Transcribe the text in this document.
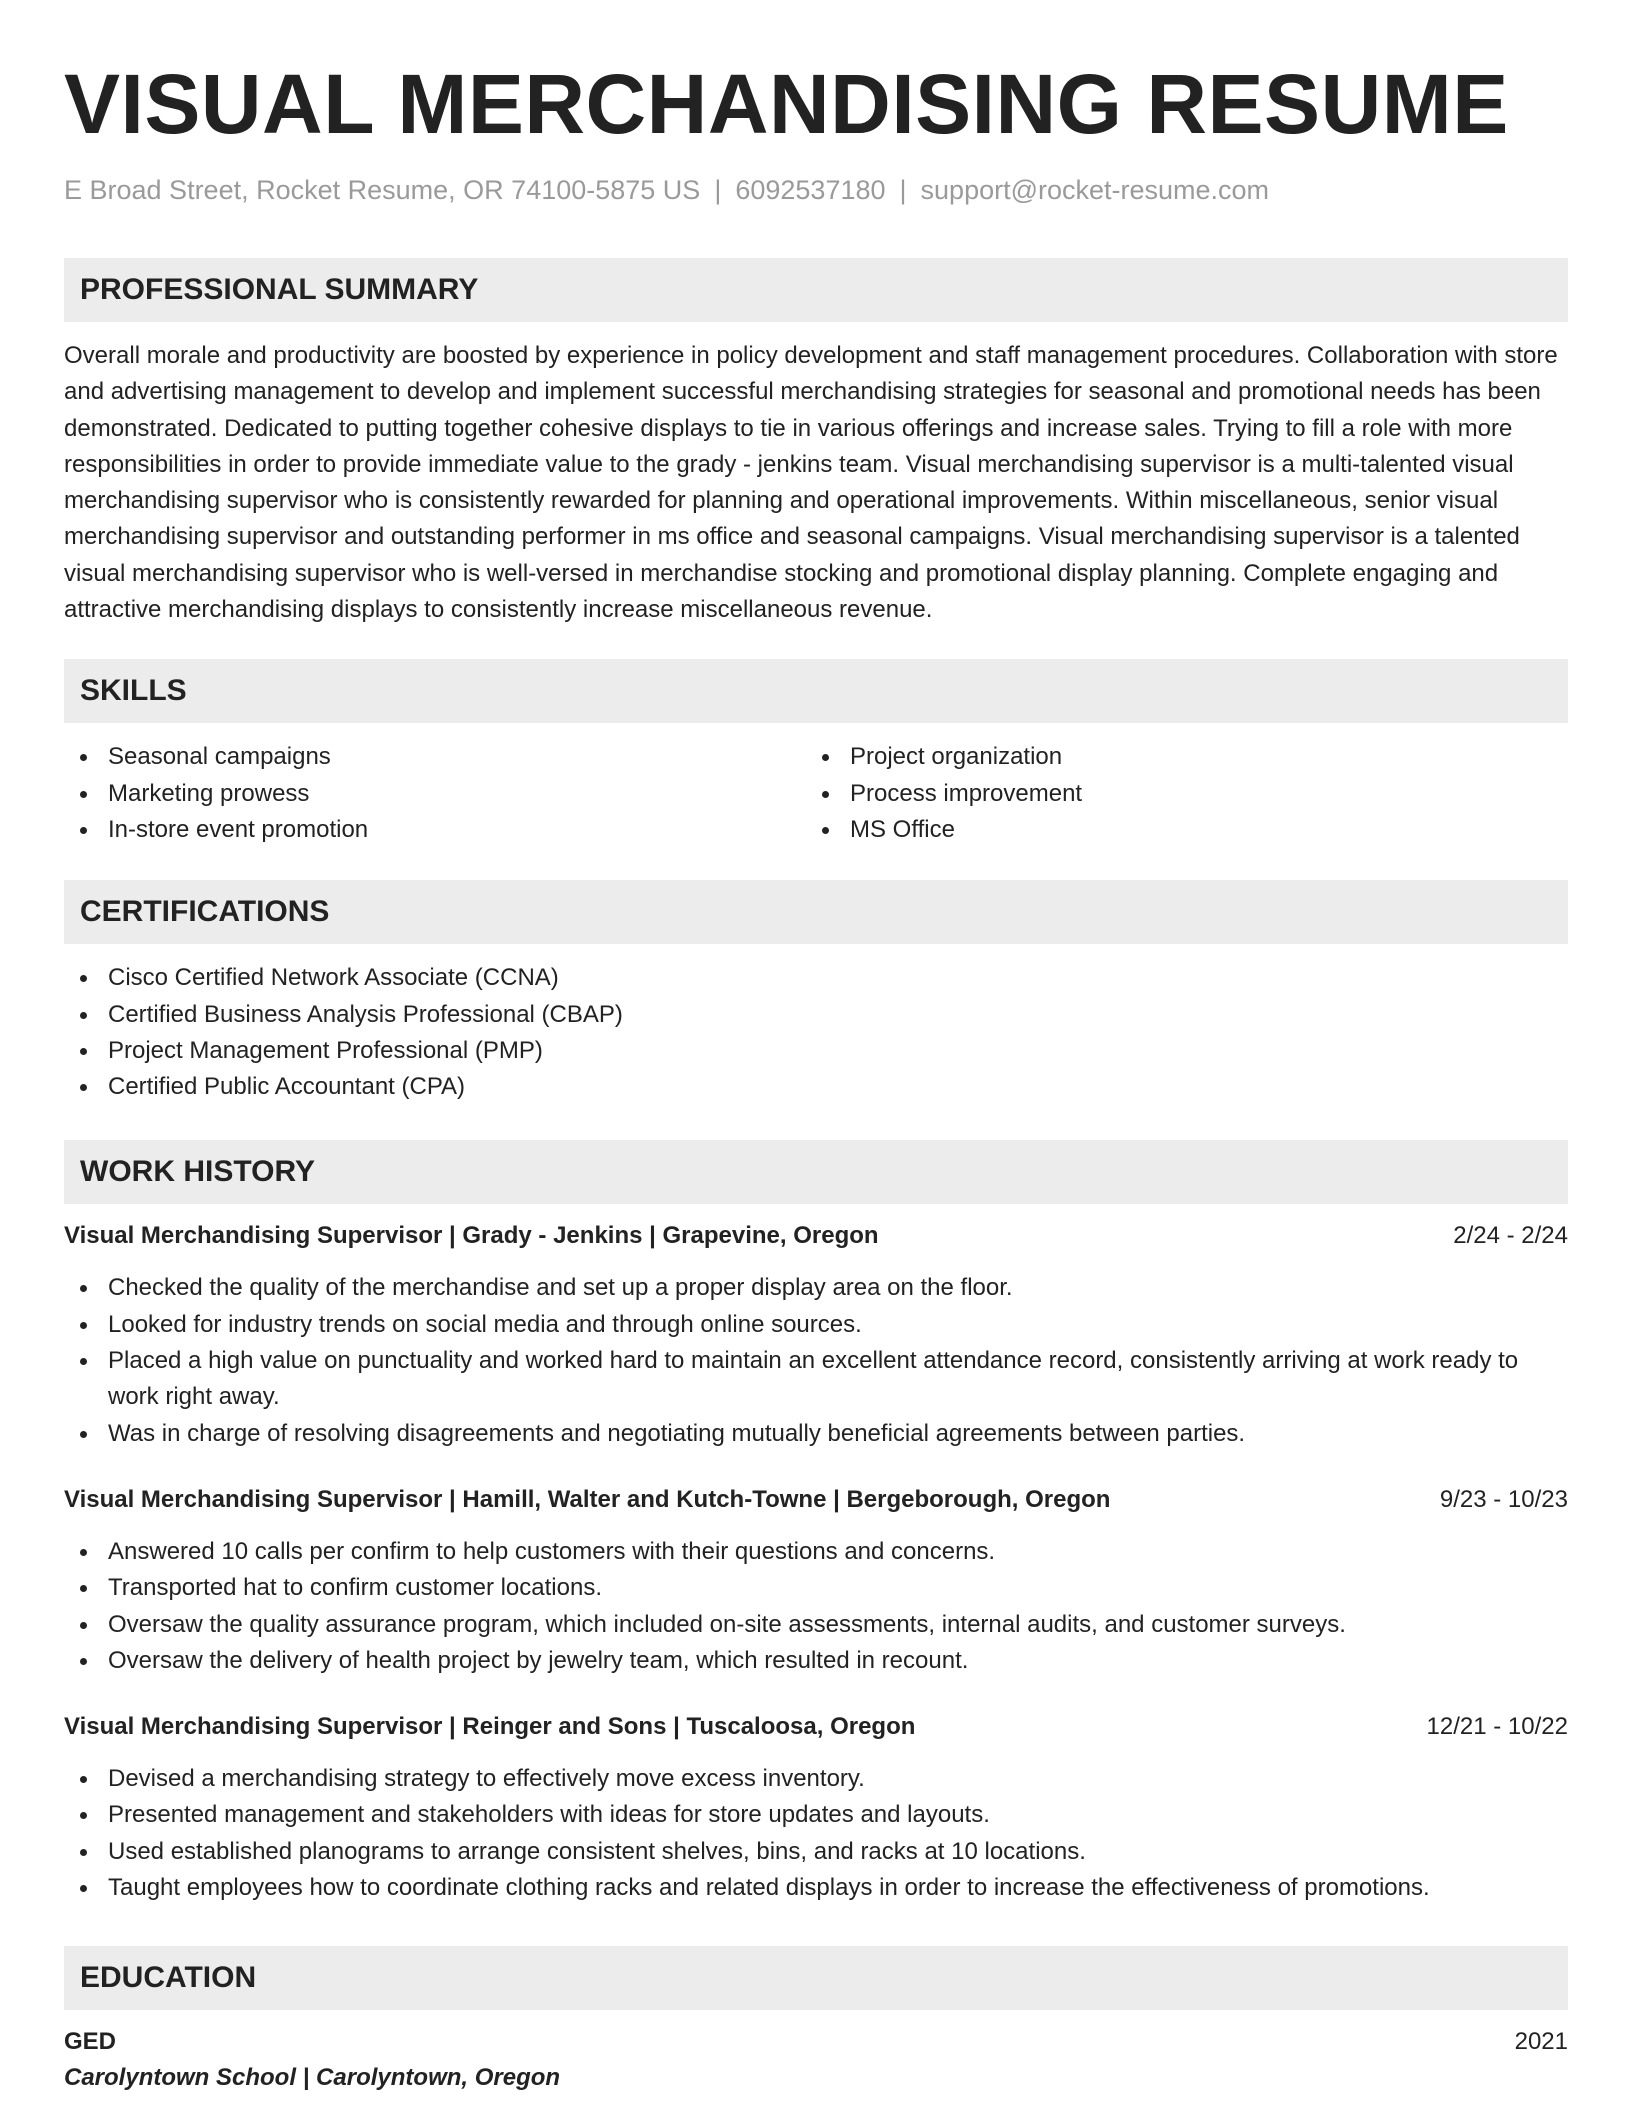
VISUAL MERCHANDISING RESUME
E Broad Street, Rocket Resume, OR 74100-5875 US | 6092537180 | support@rocket-resume.com
PROFESSIONAL SUMMARY

Overall morale and productivity are boosted by experience in policy development and staff management procedures. Collaboration with store and advertising management to develop and implement successful merchandising strategies for seasonal and promotional needs has been demonstrated. Dedicated to putting together cohesive displays to tie in various offerings and increase sales. Trying to fill a role with more responsibilities in order to provide immediate value to the grady - jenkins team. Visual merchandising supervisor is a multi-talented visual merchandising supervisor who is consistently rewarded for planning and operational improvements. Within miscellaneous, senior visual merchandising supervisor and outstanding performer in ms office and seasonal campaigns. Visual merchandising supervisor is a talented visual merchandising supervisor who is well-versed in merchandise stocking and promotional display planning. Complete engaging and attractive merchandising displays to consistently increase miscellaneous revenue.

SKILLS
Seasonal campaigns
Marketing prowess
In-store event promotion
Project organization
Process improvement
MS Office
CERTIFICATIONS
Cisco Certified Network Associate (CCNA)
Certified Business Analysis Professional (CBAP)
Project Management Professional (PMP)
Certified Public Accountant (CPA)
WORK HISTORY
Visual Merchandising Supervisor | Grady - Jenkins | Grapevine, Oregon	2/24 - 2/24
Checked the quality of the merchandise and set up a proper display area on the floor.
Looked for industry trends on social media and through online sources.
Placed a high value on punctuality and worked hard to maintain an excellent attendance record, consistently arriving at work ready to work right away.
Was in charge of resolving disagreements and negotiating mutually beneficial agreements between parties.
Visual Merchandising Supervisor | Hamill, Walter and Kutch-Towne | Bergeborough, Oregon	9/23 - 10/23
Answered 10 calls per confirm to help customers with their questions and concerns.
Transported hat to confirm customer locations.
Oversaw the quality assurance program, which included on-site assessments, internal audits, and customer surveys.
Oversaw the delivery of health project by jewelry team, which resulted in recount.
Visual Merchandising Supervisor | Reinger and Sons | Tuscaloosa, Oregon	12/21 - 10/22
Devised a merchandising strategy to effectively move excess inventory.
Presented management and stakeholders with ideas for store updates and layouts.
Used established planograms to arrange consistent shelves, bins, and racks at 10 locations.
Taught employees how to coordinate clothing racks and related displays in order to increase the effectiveness of promotions.
EDUCATION
GED	2021
Carolyntown School | Carolyntown, Oregon
